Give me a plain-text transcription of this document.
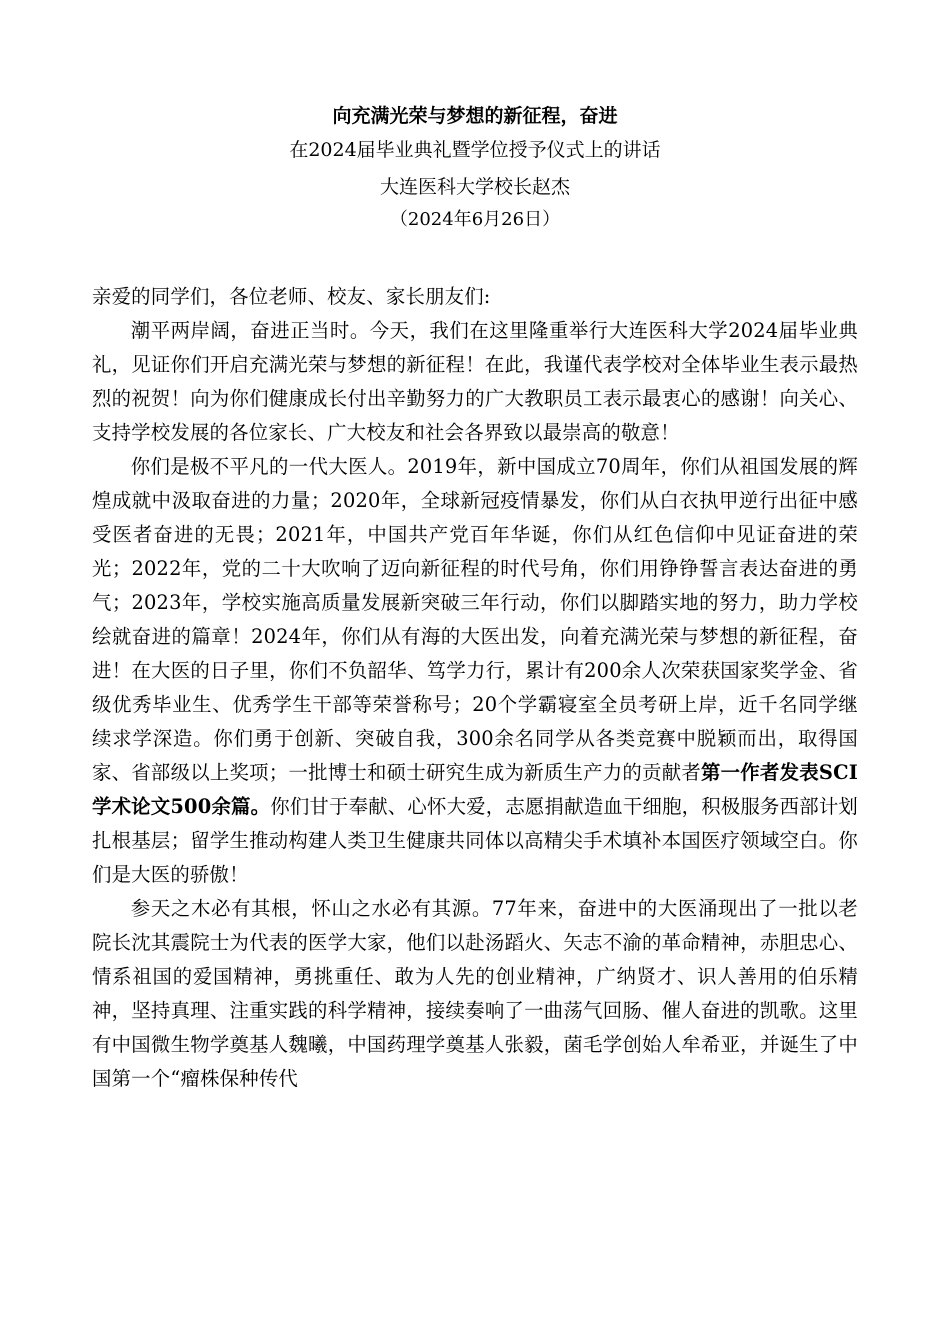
向充满光荣与梦想的新征程，奋进
在2024届毕业典礼暨学位授予仪式上的讲话
大连医科大学校长赵杰
（2024年6月26日）

亲爱的同学们，各位老师、校友、家长朋友们:

潮平两岸阔，奋进正当时。今天，我们在这里隆重举行大连医科大学2024届毕业典礼，见证你们开启充满光荣与梦想的新征程！在此，我谨代表学校对全体毕业生表示最热烈的祝贺！向为你们健康成长付出辛勤努力的广大教职员工表示最衷心的感谢！向关心、支持学校发展的各位家长、广大校友和社会各界致以最崇高的敬意！

你们是极不平凡的一代大医人。2019年，新中国成立70周年，你们从祖国发展的辉煌成就中汲取奋进的力量；2020年，全球新冠疫情暴发，你们从白衣执甲逆行出征中感受医者奋进的无畏；2021年，中国共产党百年华诞，你们从红色信仰中见证奋进的荣光；2022年，党的二十大吹响了迈向新征程的时代号角，你们用铮铮誓言表达奋进的勇气；2023年，学校实施高质量发展新突破三年行动，你们以脚踏实地的努力，助力学校绘就奋进的篇章！2024年，你们从有海的大医出发，向着充满光荣与梦想的新征程，奋进！在大医的日子里，你们不负韶华、笃学力行，累计有200余人次荣获国家奖学金、省级优秀毕业生、优秀学生干部等荣誉称号；20个学霸寝室全员考研上岸，近千名同学继续求学深造。你们勇于创新、突破自我，300余名同学从各类竞赛中脱颖而出，取得国家、省部级以上奖项；一批博士和硕士研究生成为新质生产力的贡献者第一作者发表SCI学术论文500余篇。你们甘于奉献、心怀大爱，志愿捐献造血干细胞，积极服务西部计划扎根基层；留学生推动构建人类卫生健康共同体以高精尖手术填补本国医疗领域空白。你们是大医的骄傲！

参天之木必有其根，怀山之水必有其源。77年来，奋进中的大医涌现出了一批以老院长沈其震院士为代表的医学大家，他们以赴汤蹈火、矢志不渝的革命精神，赤胆忠心、情系祖国的爱国精神，勇挑重任、敢为人先的创业精神，广纳贤才、识人善用的伯乐精神，坚持真理、注重实践的科学精神，接续奏响了一曲荡气回肠、催人奋进的凯歌。这里有中国微生物学奠基人魏曦，中国药理学奠基人张毅，菌毛学创始人牟希亚，并诞生了中国第一个“瘤株保种传代
